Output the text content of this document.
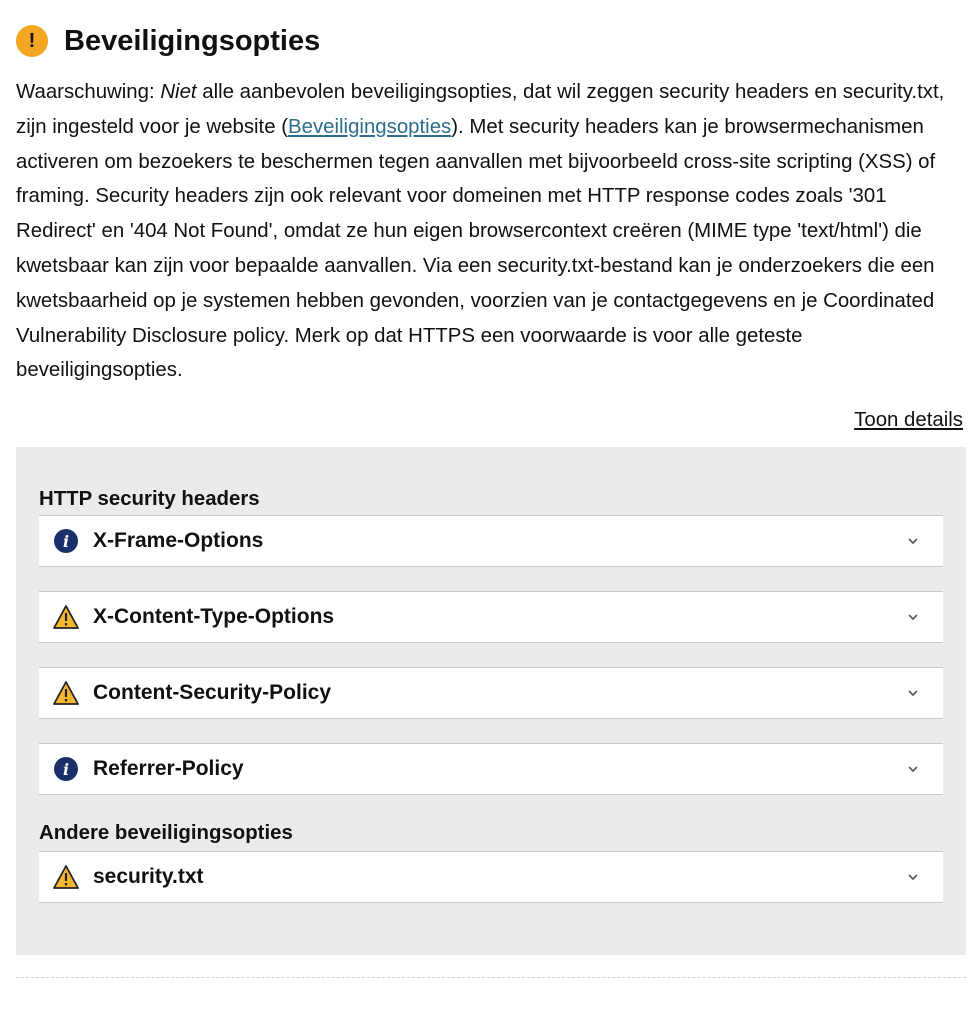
! Beveiligingsopties

Waarschuwing: Niet alle aanbevolen beveiligingsopties, dat wil zeggen security headers en security.txt, zijn ingesteld voor je website (Beveiligingsopties). Met security headers kan je browsermechanismen activeren om bezoekers te beschermen tegen aanvallen met bijvoorbeeld cross-site scripting (XSS) of framing. Security headers zijn ook relevant voor domeinen met HTTP response codes zoals '301 Redirect' en '404 Not Found', omdat ze hun eigen browsercontext creëren (MIME type 'text/html') die kwetsbaar kan zijn voor bepaalde aanvallen. Via een security.txt-bestand kan je onderzoekers die een kwetsbaarheid op je systemen hebben gevonden, voorzien van je contactgegevens en je Coordinated Vulnerability Disclosure policy. Merk op dat HTTPS een voorwaarde is voor alle geteste beveiligingsopties.

Toon details
HTTP security headers
i X-Frame-Options
X-Content-Type-Options
Content-Security-Policy
i Referrer-Policy
Andere beveiligingsopties
security.txt
